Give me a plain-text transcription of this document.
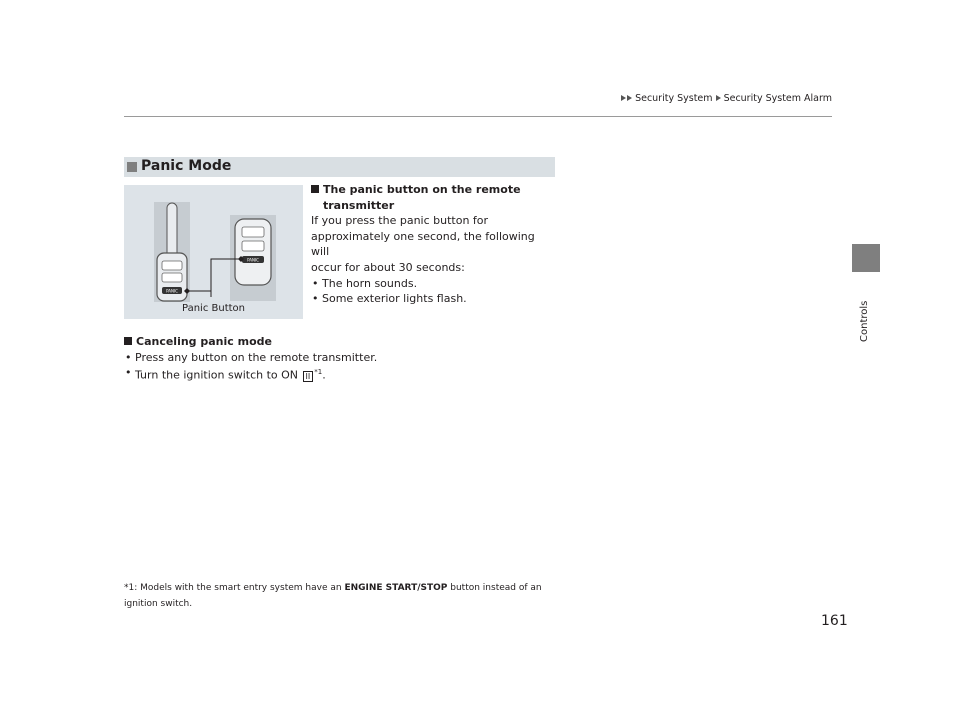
Security System Security System Alarm
Controls
Panic Mode
PANIC
PANIC
Panic Button
The panic button on the remote
transmitter
If you press the panic button for
approximately one second, the following will
occur for about 30 seconds:
• The horn sounds.
• Some exterior lights flash.
Canceling panic mode
• Press any button on the remote transmitter.
• Turn the ignition switch to ON II $^{*1}$.
*1: Models with the smart entry system have an ENGINE START/STOP button instead of an
ignition switch.
161
